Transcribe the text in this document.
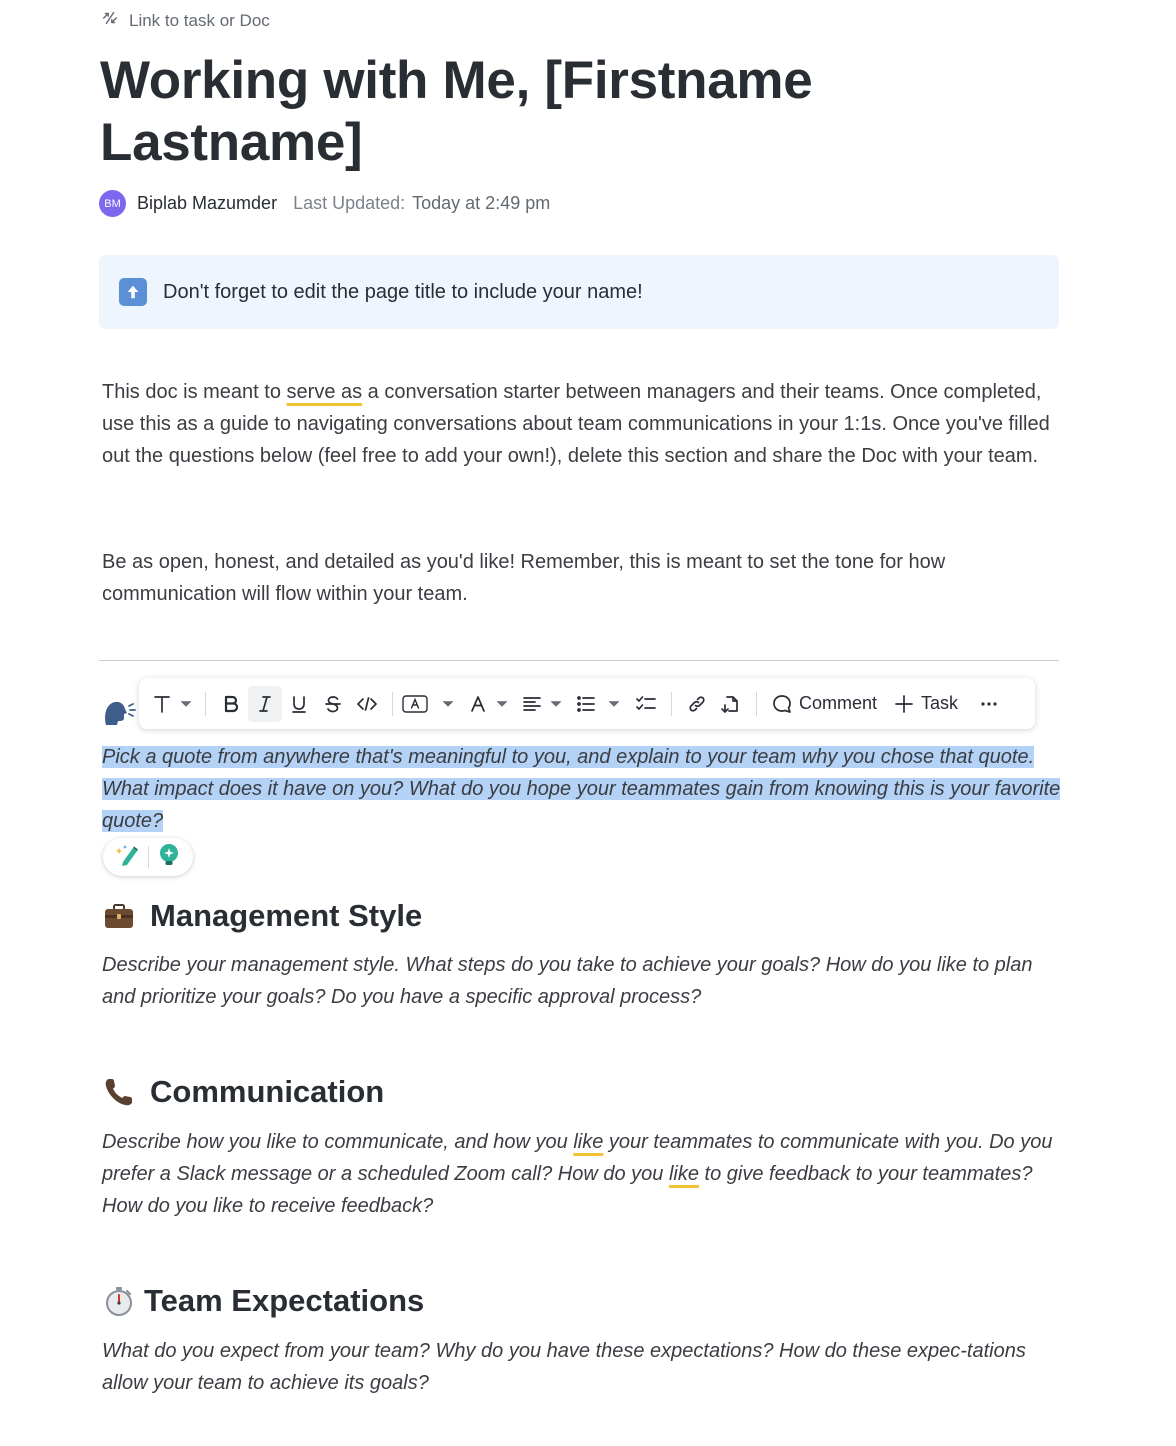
Link to task or Doc
Working with Me, [Firstname Lastname]
BM Biplab Mazumder Last Updated: Today at 2:49 pm
Don't forget to edit the page title to include your name!

This doc is meant to serve as a conversation starter between managers and their teams. Once completed, use this as a guide to navigating conversations about team communications in your 1:1s. Once you've filled out the questions below (feel free to add your own!), delete this section and share the Doc with your team.

Be as open, honest, and detailed as you'd like! Remember, this is meant to set the tone for how communication will flow within your team.

Comment Task

Pick a quote from anywhere that's meaningful to you, and explain to your team why you chose that quote. What impact does it have on you? What do you hope your teammates gain from knowing this is your favorite quote?

Management Style

Describe your management style. What steps do you take to achieve your goals? How do you like to plan and prioritize your goals? Do you have a specific approval process?

Communication

Describe how you like to communicate, and how you like your teammates to communicate with you. Do you prefer a Slack message or a scheduled Zoom call? How do you like to give feedback to your teammates? How do you like to receive feedback?

Team Expectations

What do you expect from your team? Why do you have these expectations? How do these expec-tations allow your team to achieve its goals?
